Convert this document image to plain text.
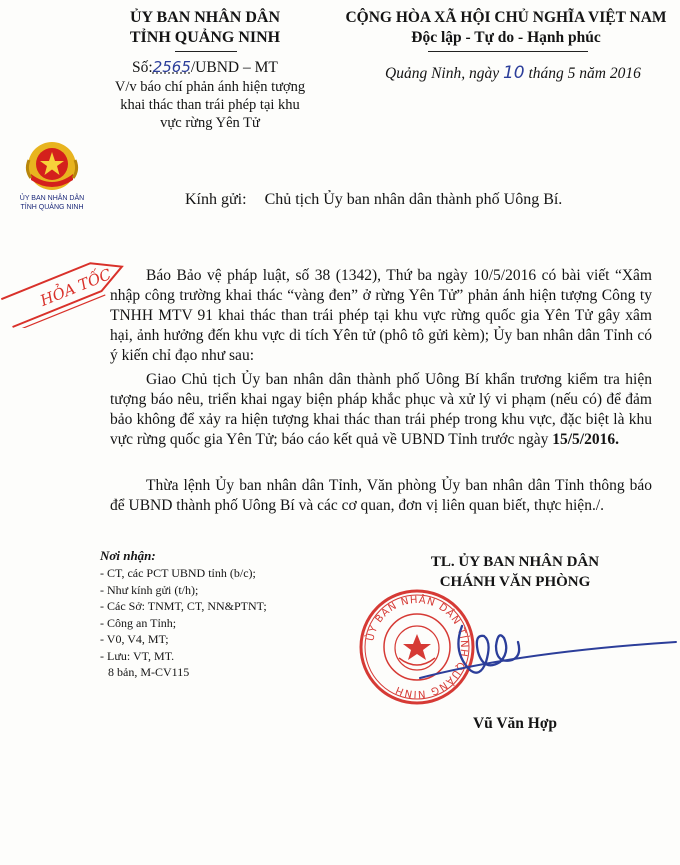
ỦY BAN NHÂN DÂN
TỈNH QUẢNG NINH
Số:2565/UBND – MT
V/v báo chí phản ánh hiện tượng
khai thác than trái phép tại khu
vực rừng Yên Tử
CỘNG HÒA XÃ HỘI CHỦ NGHĨA VIỆT NAM
Độc lập - Tự do - Hạnh phúc
Quảng Ninh, ngày 10 tháng 5 năm 2016
ỦY BAN NHÂN DÂN
TỈNH QUẢNG NINH	Kính gửi: Chủ tịch Ủy ban nhân dân thành phố Uông Bí.
HỎA TỐC	Báo Bảo vệ pháp luật, số 38 (1342), Thứ ba ngày 10/5/2016 có bài viết “Xâm nhập công trường khai thác “vàng đen” ở rừng Yên Tử” phản ánh hiện tượng Công ty TNHH MTV 91 khai thác than trái phép tại khu vực rừng quốc gia Yên Tử gây xâm hại, ảnh hưởng đến khu vực di tích Yên tử (phô tô gửi kèm); Ủy ban nhân dân Tỉnh có ý kiến chỉ đạo như sau:
Giao Chủ tịch Ủy ban nhân dân thành phố Uông Bí khẩn trương kiểm tra hiện tượng báo nêu, triển khai ngay biện pháp khắc phục và xử lý vi phạm (nếu có) để đảm bảo không để xảy ra hiện tượng khai thác than trái phép trong khu vực, đặc biệt là khu vực rừng quốc gia Yên Tử; báo cáo kết quả về UBND Tỉnh trước ngày 15/5/2016.
Thừa lệnh Ủy ban nhân dân Tỉnh, Văn phòng Ủy ban nhân dân Tỉnh thông báo để UBND thành phố Uông Bí và các cơ quan, đơn vị liên quan biết, thực hiện./.
Nơi nhận:
- CT, các PCT UBND tỉnh (b/c);
- Như kính gửi (t/h);
- Các Sở: TNMT, CT, NN&PTNT;
- Công an Tỉnh;
- V0, V4, MT;
- Lưu: VT, MT.
8 bản, M-CV115
TL. ỦY BAN NHÂN DÂN
CHÁNH VĂN PHÒNG
ỦY BAN NHÂN DÂN TỈNH QUẢNG NINH
Vũ Văn Hợp
